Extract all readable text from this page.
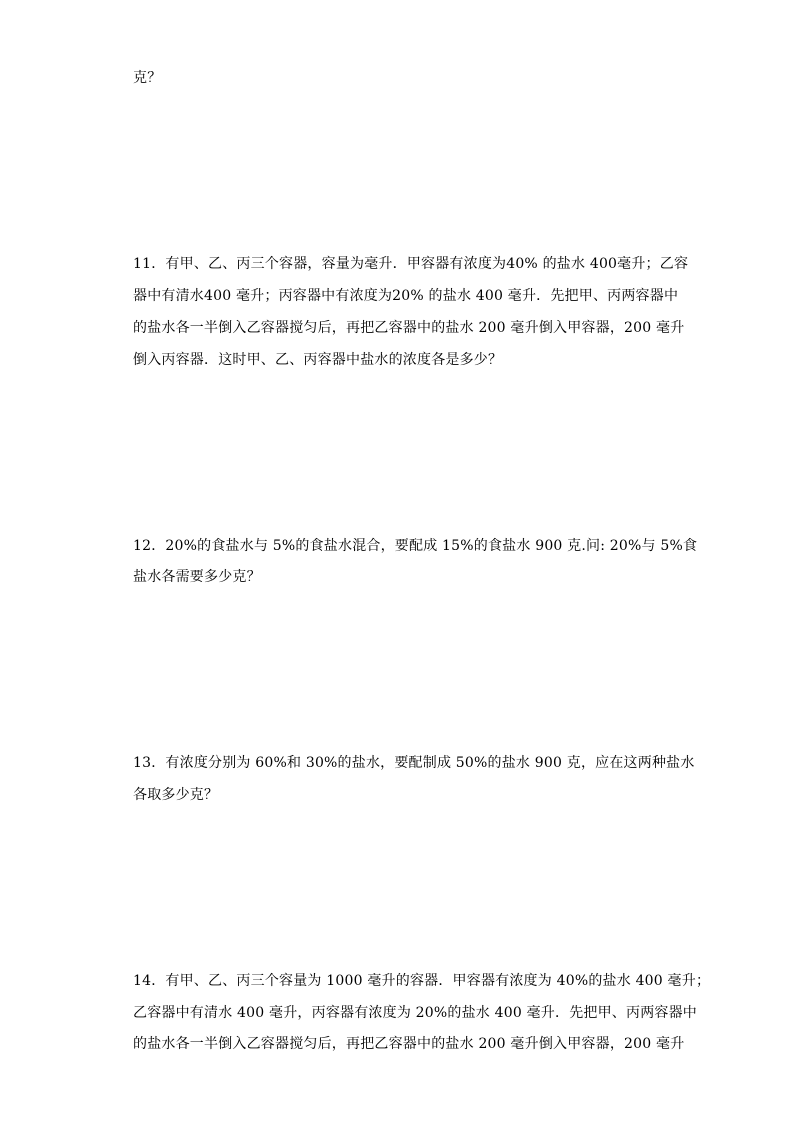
克？
11．有甲、乙、丙三个容器，容量为毫升．甲容器有浓度为40% 的盐水 400毫升；乙容
器中有清水400 毫升；丙容器中有浓度为20% 的盐水 400 毫升．先把甲、丙两容器中
的盐水各一半倒入乙容器搅匀后，再把乙容器中的盐水 200 毫升倒入甲容器，200 毫升
倒入丙容器．这时甲、乙、丙容器中盐水的浓度各是多少？
12．20%的食盐水与 5%的食盐水混合，要配成 15%的食盐水 900 克.问: 20%与 5%食
盐水各需要多少克？
13．有浓度分别为 60%和 30%的盐水，要配制成 50%的盐水 900 克，应在这两种盐水
各取多少克？
14．有甲、乙、丙三个容量为 1000 毫升的容器．甲容器有浓度为 40%的盐水 400 毫升；
乙容器中有清水 400 毫升，丙容器有浓度为 20%的盐水 400 毫升．先把甲、丙两容器中
的盐水各一半倒入乙容器搅匀后，再把乙容器中的盐水 200 毫升倒入甲容器，200 毫升
